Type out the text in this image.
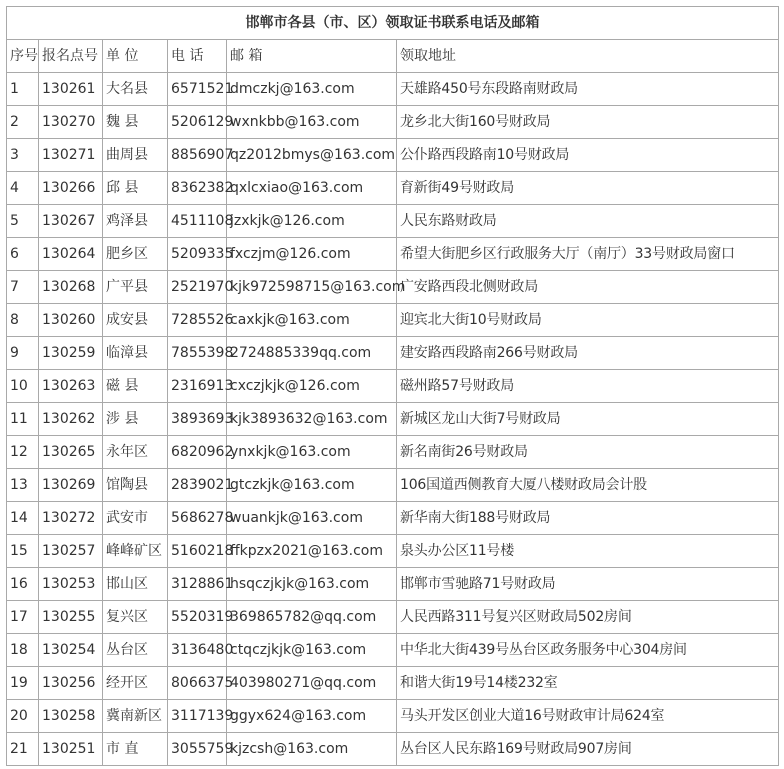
邯郸市各县（市、区）领取证书联系电话及邮箱					
序号	报名点号	单 位	电 话	邮 箱	领取地址
1	130261	大名县	6571521	dmczkj@163.com	天雄路450号东段路南财政局
2	130270	魏 县	5206129	wxnkbb@163.com	龙乡北大街160号财政局
3	130271	曲周县	8856907	qz2012bmys@163.com	公仆路西段路南10号财政局
4	130266	邱 县	8362382	qxlcxiao@163.com	育新街49号财政局
5	130267	鸡泽县	4511108	jzxkjk@126.com	人民东路财政局
6	130264	肥乡区	5209335	fxczjm@126.com	希望大街肥乡区行政服务大厅（南厅）33号财政局窗口
7	130268	广平县	2521970	kjk972598715@163.com	广安路西段北侧财政局
8	130260	成安县	7285526	caxkjk@163.com	迎宾北大街10号财政局
9	130259	临漳县	7855398	2724885339qq.com	建安路西段路南266号财政局
10	130263	磁 县	2316913	cxczjkjk@126.com	磁州路57号财政局
11	130262	涉 县	3893693	kjk3893632@163.com	新城区龙山大街7号财政局
12	130265	永年区	6820962	ynxkjk@163.com	新名南街26号财政局
13	130269	馆陶县	2839021	gtczkjk@163.com	106国道西侧教育大厦八楼财政局会计股
14	130272	武安市	5686278	wuankjk@163.com	新华南大街188号财政局
15	130257	峰峰矿区	5160218	ffkpzx2021@163.com	泉头办公区11号楼
16	130253	邯山区	3128861	hsqczjkjk@163.com	邯郸市雪驰路71号财政局
17	130255	复兴区	5520319	369865782@qq.com	人民西路311号复兴区财政局502房间
18	130254	丛台区	3136480	ctqczjkjk@163.com	中华北大街439号丛台区政务服务中心304房间
19	130256	经开区	8066375	403980271@qq.com	和谐大街19号14楼232室
20	130258	冀南新区	3117139	ggyx624@163.com	马头开发区创业大道16号财政审计局624室
21	130251	市 直	3055759	kjzcsh@163.com	丛台区人民东路169号财政局907房间
